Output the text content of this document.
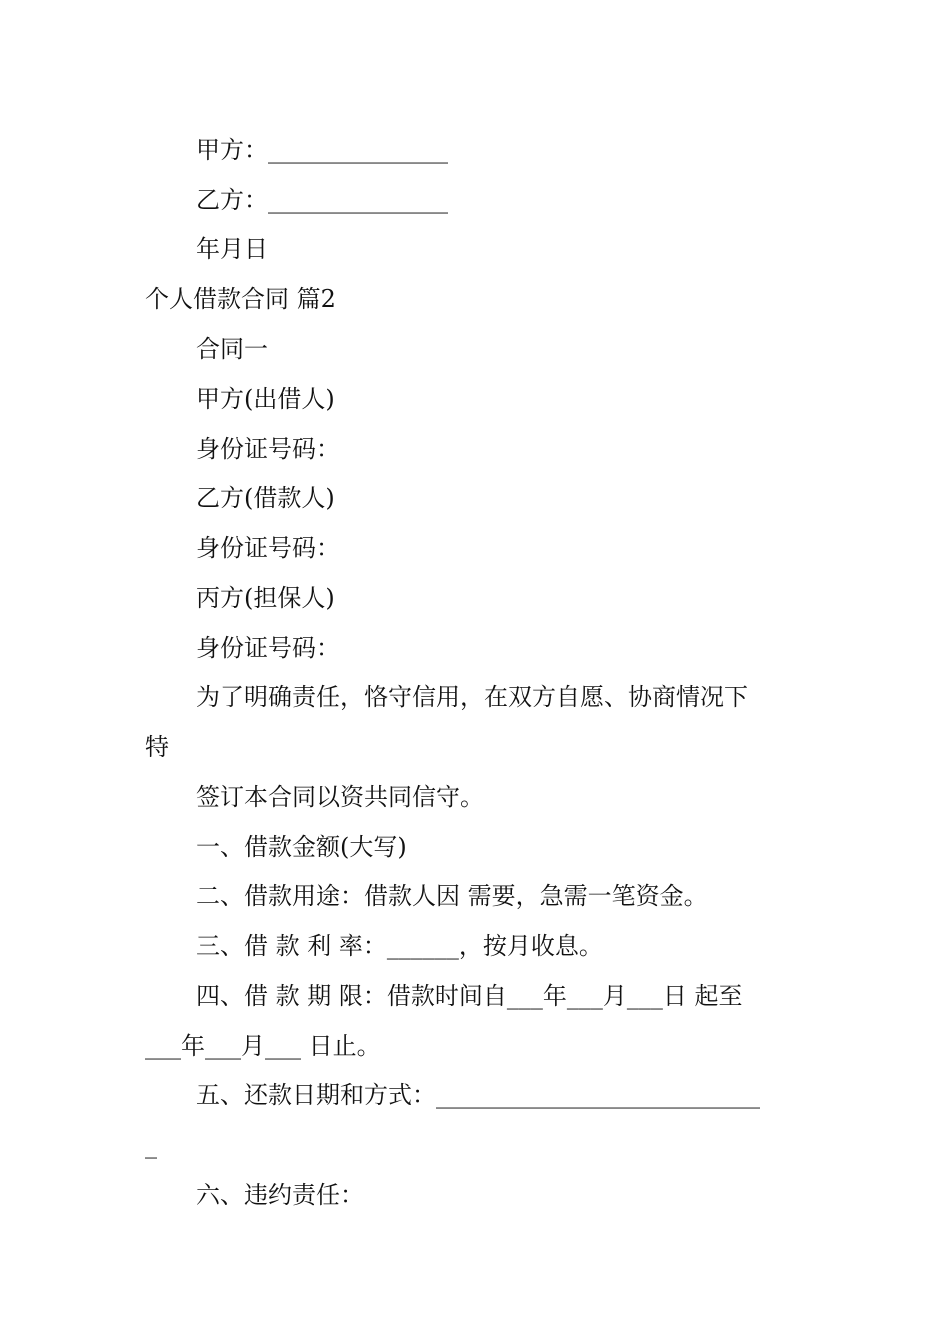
甲方：_______________

乙方：_______________

年月日

个人借款合同 篇2

合同一

甲方(出借人)

身份证号码：

乙方(借款人)

身份证号码：

丙方(担保人)

身份证号码：

为了明确责任，恪守信用，在双方自愿、协商情况下

特

签订本合同以资共同信守。

一、借款金额(大写)

二、借款用途：借款人因 需要，急需一笔资金。

三、借 款 利 率：______，按月收息。

四、借 款 期 限：借款时间自___年___月___日 起至

___年___月___ 日止。

五、还款日期和方式：___________________________

_

六、违约责任：
